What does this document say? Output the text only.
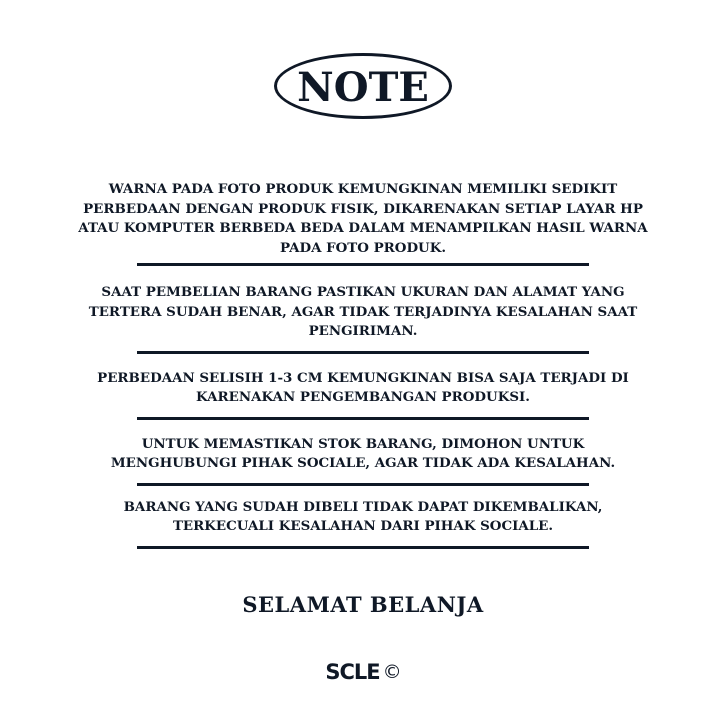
NOTE
WARNA PADA FOTO PRODUK KEMUNGKINAN MEMILIKI SEDIKIT PERBEDAAN DENGAN PRODUK FISIK, DIKARENAKAN SETIAP LAYAR HP ATAU KOMPUTER BERBEDA BEDA DALAM MENAMPILKAN HASIL WARNA PADA FOTO PRODUK.
SAAT PEMBELIAN BARANG PASTIKAN UKURAN DAN ALAMAT YANG TERTERA SUDAH BENAR, AGAR TIDAK TERJADINYA KESALAHAN SAAT PENGIRIMAN.
PERBEDAAN SELISIH 1-3 CM KEMUNGKINAN BISA SAJA TERJADI DI KARENAKAN PENGEMBANGAN PRODUKSI.
UNTUK MEMASTIKAN STOK BARANG, DIMOHON UNTUK MENGHUBUNGI PIHAK SOCIALE, AGAR TIDAK ADA KESALAHAN.
BARANG YANG SUDAH DIBELI TIDAK DAPAT DIKEMBALIKAN, TERKECUALI KESALAHAN DARI PIHAK SOCIALE.
SELAMAT BELANJA
SCLE ©
